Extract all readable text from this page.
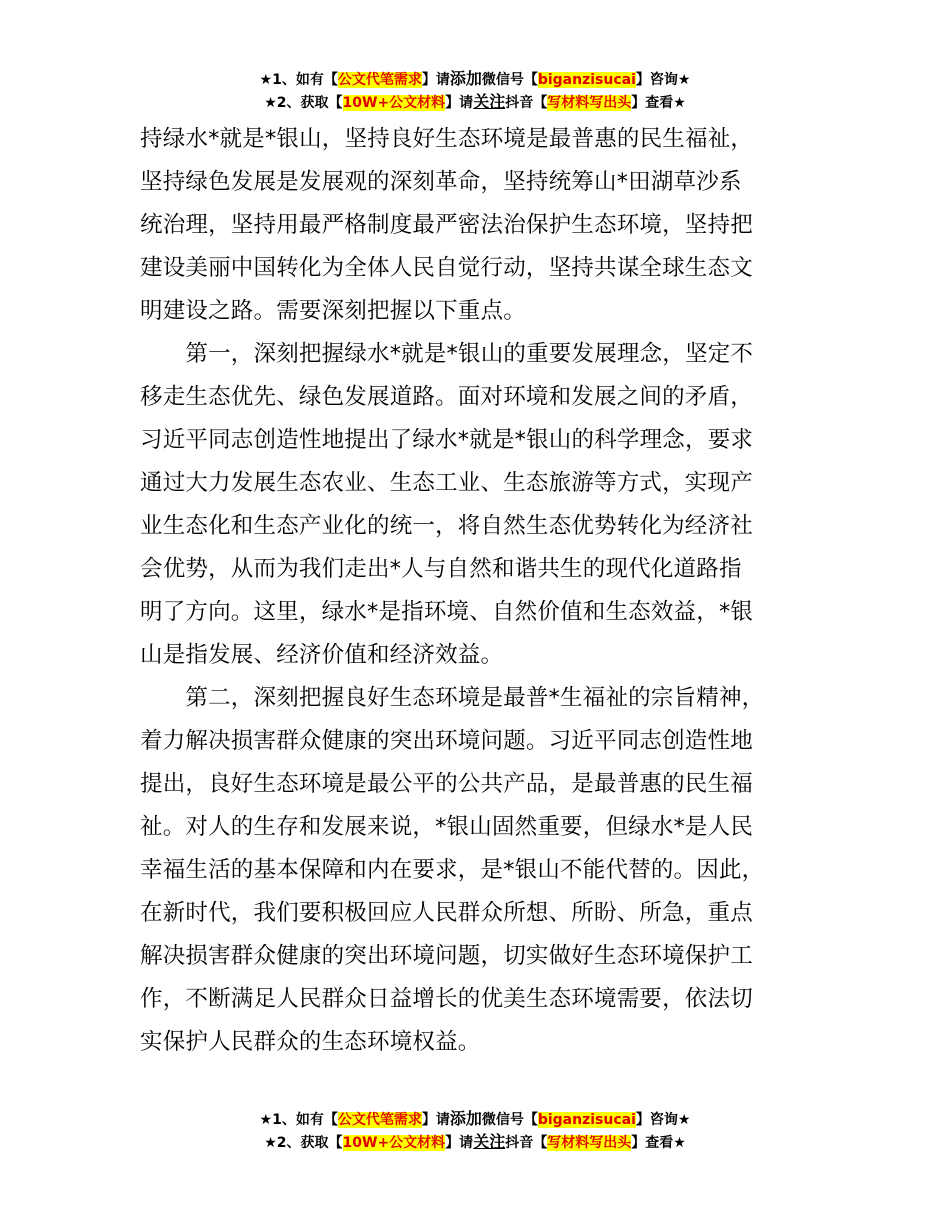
★1、如有【公文代笔需求】请添加微信号【biganzisucai】咨询★
★2、获取【10W+公文材料】请关注抖音【写材料写出头】查看★

持绿水*就是*银山，坚持良好生态环境是最普惠的民生福祉，
坚持绿色发展是发展观的深刻革命，坚持统筹山*田湖草沙系
统治理，坚持用最严格制度最严密法治保护生态环境，坚持把
建设美丽中国转化为全体人民自觉行动，坚持共谋全球生态文
明建设之路。需要深刻把握以下重点。

　　第一，深刻把握绿水*就是*银山的重要发展理念，坚定不
移走生态优先、绿色发展道路。面对环境和发展之间的矛盾，
习近平同志创造性地提出了绿水*就是*银山的科学理念，要求
通过大力发展生态农业、生态工业、生态旅游等方式，实现产
业生态化和生态产业化的统一，将自然生态优势转化为经济社
会优势，从而为我们走出*人与自然和谐共生的现代化道路指
明了方向。这里，绿水*是指环境、自然价值和生态效益，*银
山是指发展、经济价值和经济效益。

　　第二，深刻把握良好生态环境是最普*生福祉的宗旨精神，
着力解决损害群众健康的突出环境问题。习近平同志创造性地
提出，良好生态环境是最公平的公共产品，是最普惠的民生福
祉。对人的生存和发展来说，*银山固然重要，但绿水*是人民
幸福生活的基本保障和内在要求，是*银山不能代替的。因此，
在新时代，我们要积极回应人民群众所想、所盼、所急，重点
解决损害群众健康的突出环境问题，切实做好生态环境保护工
作，不断满足人民群众日益增长的优美生态环境需要，依法切
实保护人民群众的生态环境权益。

★1、如有【公文代笔需求】请添加微信号【biganzisucai】咨询★
★2、获取【10W+公文材料】请关注抖音【写材料写出头】查看★
